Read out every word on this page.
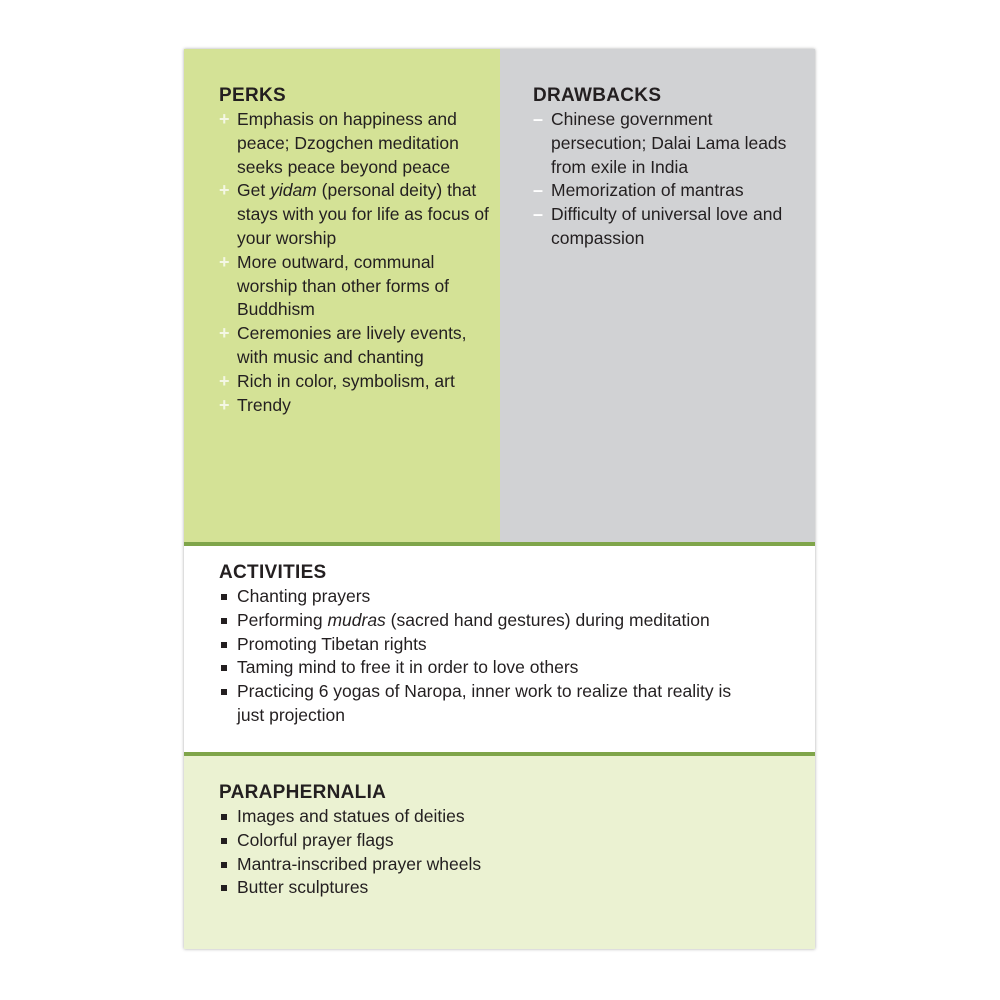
PERKS
+ Emphasis on happiness and peace; Dzogchen meditation seeks peace beyond peace
+ Get yidam (personal deity) that stays with you for life as focus of your worship
+ More outward, communal worship than other forms of Buddhism
+ Ceremonies are lively events, with music and chanting
+ Rich in color, symbolism, art
+ Trendy
DRAWBACKS
– Chinese government persecution; Dalai Lama leads from exile in India
– Memorization of mantras
– Difficulty of universal love and compassion
ACTIVITIES
Chanting prayers
Performing mudras (sacred hand gestures) during meditation
Promoting Tibetan rights
Taming mind to free it in order to love others
Practicing 6 yogas of Naropa, inner work to realize that reality is just projection
PARAPHERNALIA
Images and statues of deities
Colorful prayer flags
Mantra-inscribed prayer wheels
Butter sculptures
